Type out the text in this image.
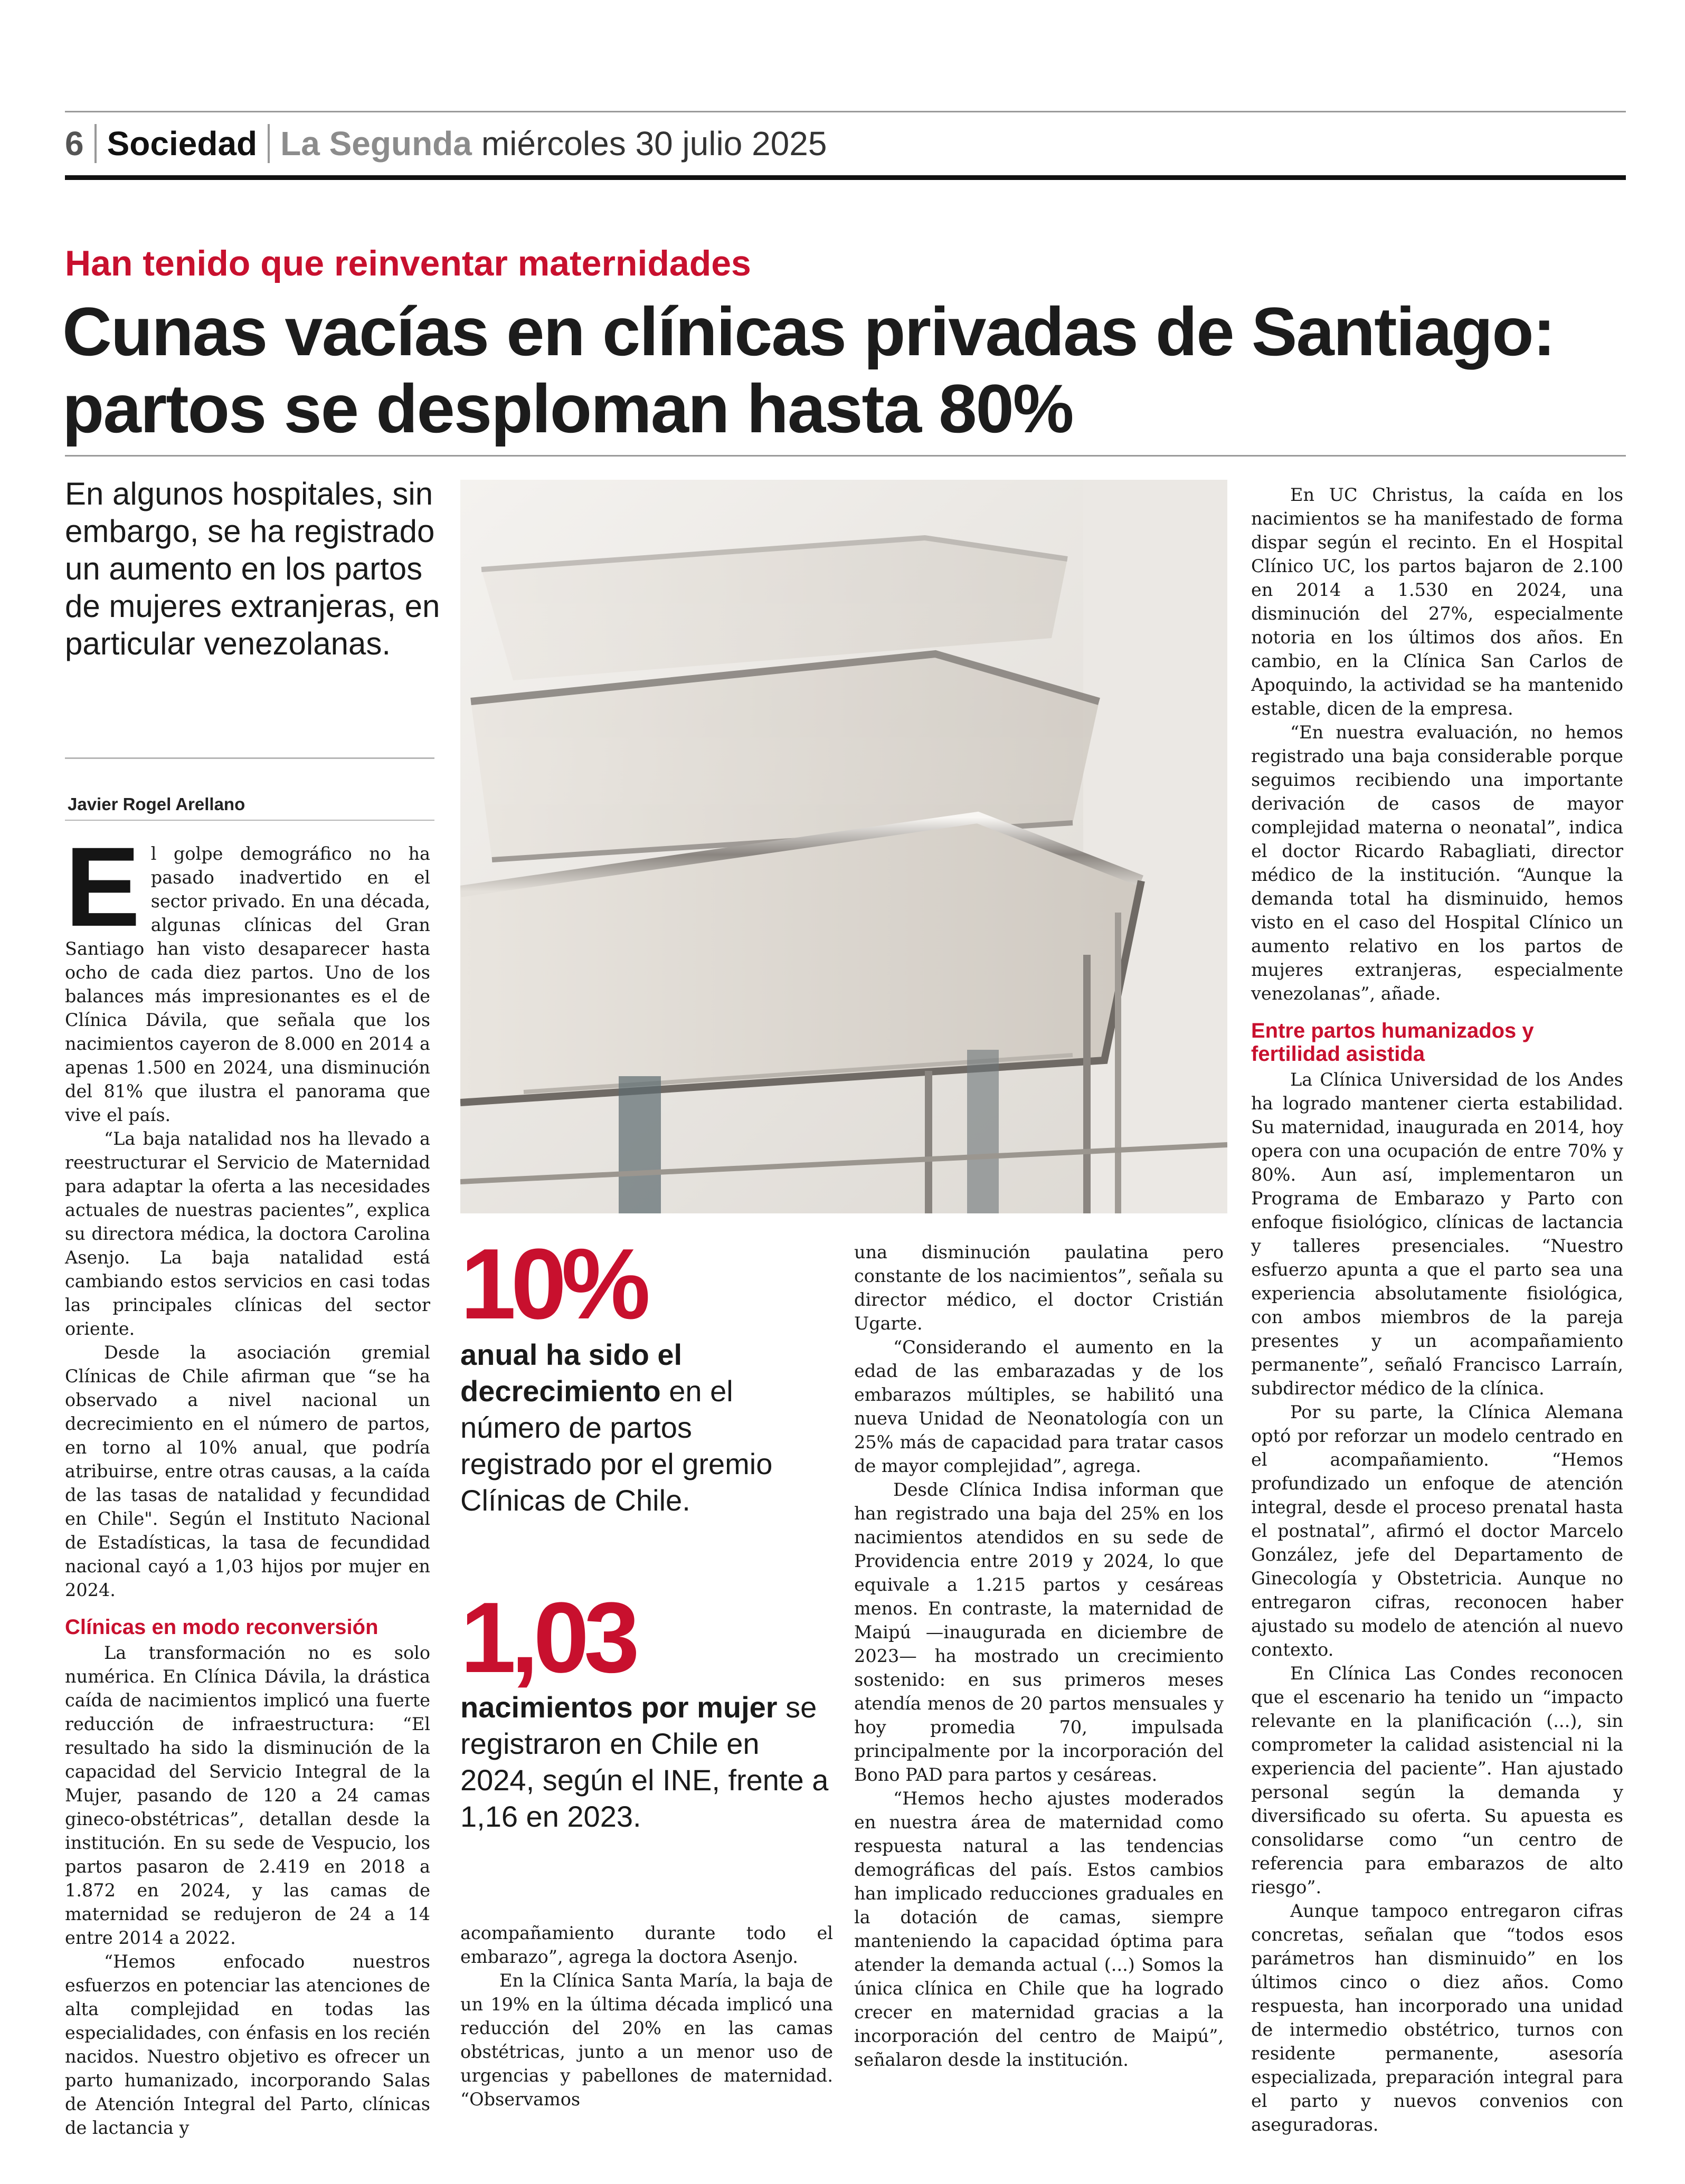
6 Sociedad La Segunda miércoles 30 julio 2025
Han tenido que reinventar maternidades
Cunas vacías en clínicas privadas de Santiago: partos se desploman hasta 80%

En algunos hospitales, sin embargo, se ha registrado un aumento en los partos de mujeres extranjeras, en particular venezolanas.

Javier Rogel Arellano

El golpe demográfico no ha pasado inadvertido en el sector privado. En una década, algunas clínicas del Gran Santiago han visto desaparecer hasta ocho de cada diez partos. Uno de los balances más impresionantes es el de Clínica Dávila, que señala que los nacimientos cayeron de 8.000 en 2014 a apenas 1.500 en 2024, una disminución del 81% que ilustra el panorama que vive el país.

“La baja natalidad nos ha llevado a reestructurar el Servicio de Maternidad para adaptar la oferta a las necesidades actuales de nuestras pacientes”, explica su directora médica, la doctora Carolina Asenjo. La baja natalidad está cambiando estos servicios en casi todas las principales clínicas del sector oriente.

Desde la asociación gremial Clínicas de Chile afirman que “se ha observado a nivel nacional un decrecimiento en el número de partos, en torno al 10% anual, que podría atribuirse, entre otras causas, a la caída de las tasas de natalidad y fecundidad en Chile". Según el Instituto Nacional de Estadísticas, la tasa de fecundidad nacional cayó a 1,03 hijos por mujer en 2024.

Clínicas en modo reconversión

La transformación no es solo numérica. En Clínica Dávila, la drástica caída de nacimientos implicó una fuerte reducción de infraestructura: “El resultado ha sido la disminución de la capacidad del Servicio Integral de la Mujer, pasando de 120 a 24 camas gineco-obstétricas”, detallan desde la institución. En su sede de Vespucio, los partos pasaron de 2.419 en 2018 a 1.872 en 2024, y las camas de maternidad se redujeron de 24 a 14 entre 2014 a 2022.

“Hemos enfocado nuestros esfuerzos en potenciar las atenciones de alta complejidad en todas las especialidades, con énfasis en los recién nacidos. Nuestro objetivo es ofrecer un parto humanizado, incorporando Salas de Atención Integral del Parto, clínicas de lactancia y

10%

anual ha sido el decrecimiento en el número de partos registrado por el gremio Clínicas de Chile.

1,03

nacimientos por mujer se registraron en Chile en 2024, según el INE, frente a 1,16 en 2023.

acompañamiento durante todo el embarazo”, agrega la doctora Asenjo.

En la Clínica Santa María, la baja de un 19% en la última década implicó una reducción del 20% en las camas obstétricas, junto a un menor uso de urgencias y pabellones de maternidad. “Observamos

una disminución paulatina pero constante de los nacimientos”, señala su director médico, el doctor Cristián Ugarte.

“Considerando el aumento en la edad de las embarazadas y de los embarazos múltiples, se habilitó una nueva Unidad de Neonatología con un 25% más de capacidad para tratar casos de mayor complejidad”, agrega.

Desde Clínica Indisa informan que han registrado una baja del 25% en los nacimientos atendidos en su sede de Providencia entre 2019 y 2024, lo que equivale a 1.215 partos y cesáreas menos. En contraste, la maternidad de Maipú —inaugurada en diciembre de 2023— ha mostrado un crecimiento sostenido: en sus primeros meses atendía menos de 20 partos mensuales y hoy promedia 70, impulsada principalmente por la incorporación del Bono PAD para partos y cesáreas.

“Hemos hecho ajustes moderados en nuestra área de maternidad como respuesta natural a las tendencias demográficas del país. Estos cambios han implicado reducciones graduales en la dotación de camas, siempre manteniendo la capacidad óptima para atender la demanda actual (...) Somos la única clínica en Chile que ha logrado crecer en maternidad gracias a la incorporación del centro de Maipú”, señalaron desde la institución.

En UC Christus, la caída en los nacimientos se ha manifestado de forma dispar según el recinto. En el Hospital Clínico UC, los partos bajaron de 2.100 en 2014 a 1.530 en 2024, una disminución del 27%, especialmente notoria en los últimos dos años. En cambio, en la Clínica San Carlos de Apoquindo, la actividad se ha mantenido estable, dicen de la empresa.

“En nuestra evaluación, no hemos registrado una baja considerable porque seguimos recibiendo una importante derivación de casos de mayor complejidad materna o neonatal”, indica el doctor Ricardo Rabagliati, director médico de la institución. “Aunque la demanda total ha disminuido, hemos visto en el caso del Hospital Clínico un aumento relativo en los partos de mujeres extranjeras, especialmente venezolanas”, añade.

Entre partos humanizados y fertilidad asistida

La Clínica Universidad de los Andes ha logrado mantener cierta estabilidad. Su maternidad, inaugurada en 2014, hoy opera con una ocupación de entre 70% y 80%. Aun así, implementaron un Programa de Embarazo y Parto con enfoque fisiológico, clínicas de lactancia y talleres presenciales. “Nuestro esfuerzo apunta a que el parto sea una experiencia absolutamente fisiológica, con ambos miembros de la pareja presentes y un acompañamiento permanente”, señaló Francisco Larraín, subdirector médico de la clínica.

Por su parte, la Clínica Alemana optó por reforzar un modelo centrado en el acompañamiento. “Hemos profundizado un enfoque de atención integral, desde el proceso prenatal hasta el postnatal”, afirmó el doctor Marcelo González, jefe del Departamento de Ginecología y Obstetricia. Aunque no entregaron cifras, reconocen haber ajustado su modelo de atención al nuevo contexto.

En Clínica Las Condes reconocen que el escenario ha tenido un “impacto relevante en la planificación (...), sin comprometer la calidad asistencial ni la experiencia del paciente”. Han ajustado personal según la demanda y diversificado su oferta. Su apuesta es consolidarse como “un centro de referencia para embarazos de alto riesgo”.

Aunque tampoco entregaron cifras concretas, señalan que “todos esos parámetros han disminuido” en los últimos cinco o diez años. Como respuesta, han incorporado una unidad de intermedio obstétrico, turnos con residente permanente, asesoría especializada, preparación integral para el parto y nuevos convenios con aseguradoras.
